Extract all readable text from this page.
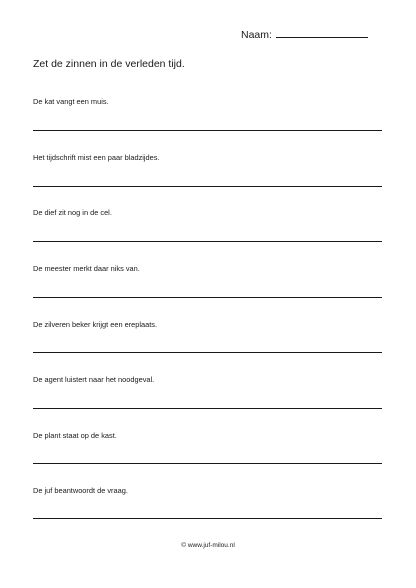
Naam:
Zet de zinnen in de verleden tijd.
De kat vangt een muis.
Het tijdschrift mist een paar bladzijdes.
De dief zit nog in de cel.
De meester merkt daar niks van.
De zilveren beker krijgt een ereplaats.
De agent luistert naar het noodgeval.
De plant staat op de kast.
De juf beantwoordt de vraag.
© www.juf-milou.nl
